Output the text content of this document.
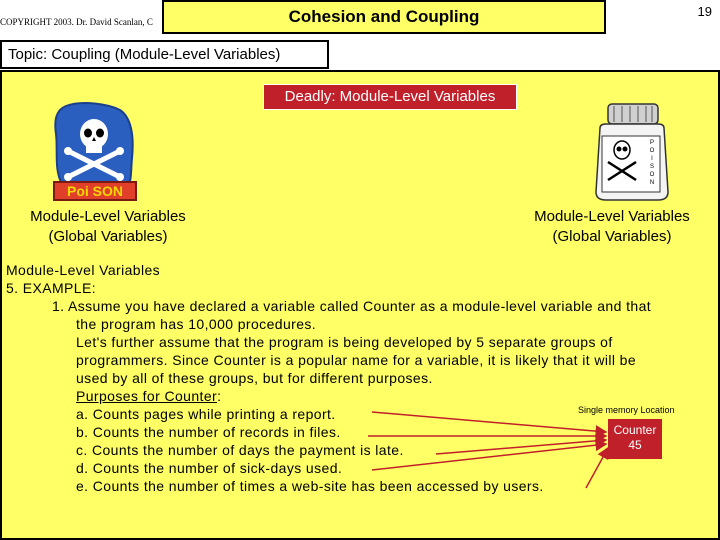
COPYRIGHT 2003. Dr. David Scanlan, C	Cohesion and Coupling	19
Topic: Coupling (Module-Level Variables)
Deadly: Module-Level Variables
Poi SON
P O I S O N
Module-Level Variables
(Global Variables)
Module-Level Variables
(Global Variables)
Module-Level Variables
5. EXAMPLE:
1. Assume you have declared a variable called Counter as a module-level variable and that
the program has 10,000 procedures.
Let's further assume that the program is being developed by 5 separate groups of
programmers. Since Counter is a popular name for a variable, it is likely that it will be
used by all of these groups, but for different purposes.
Purposes for Counter:
a. Counts pages while printing a report.
b. Counts the number of records in files.
c. Counts the number of days the payment is late.
d. Counts the number of sick-days used.
e. Counts the number of times a web-site has been accessed by users.
Single memory Location
Counter
45
